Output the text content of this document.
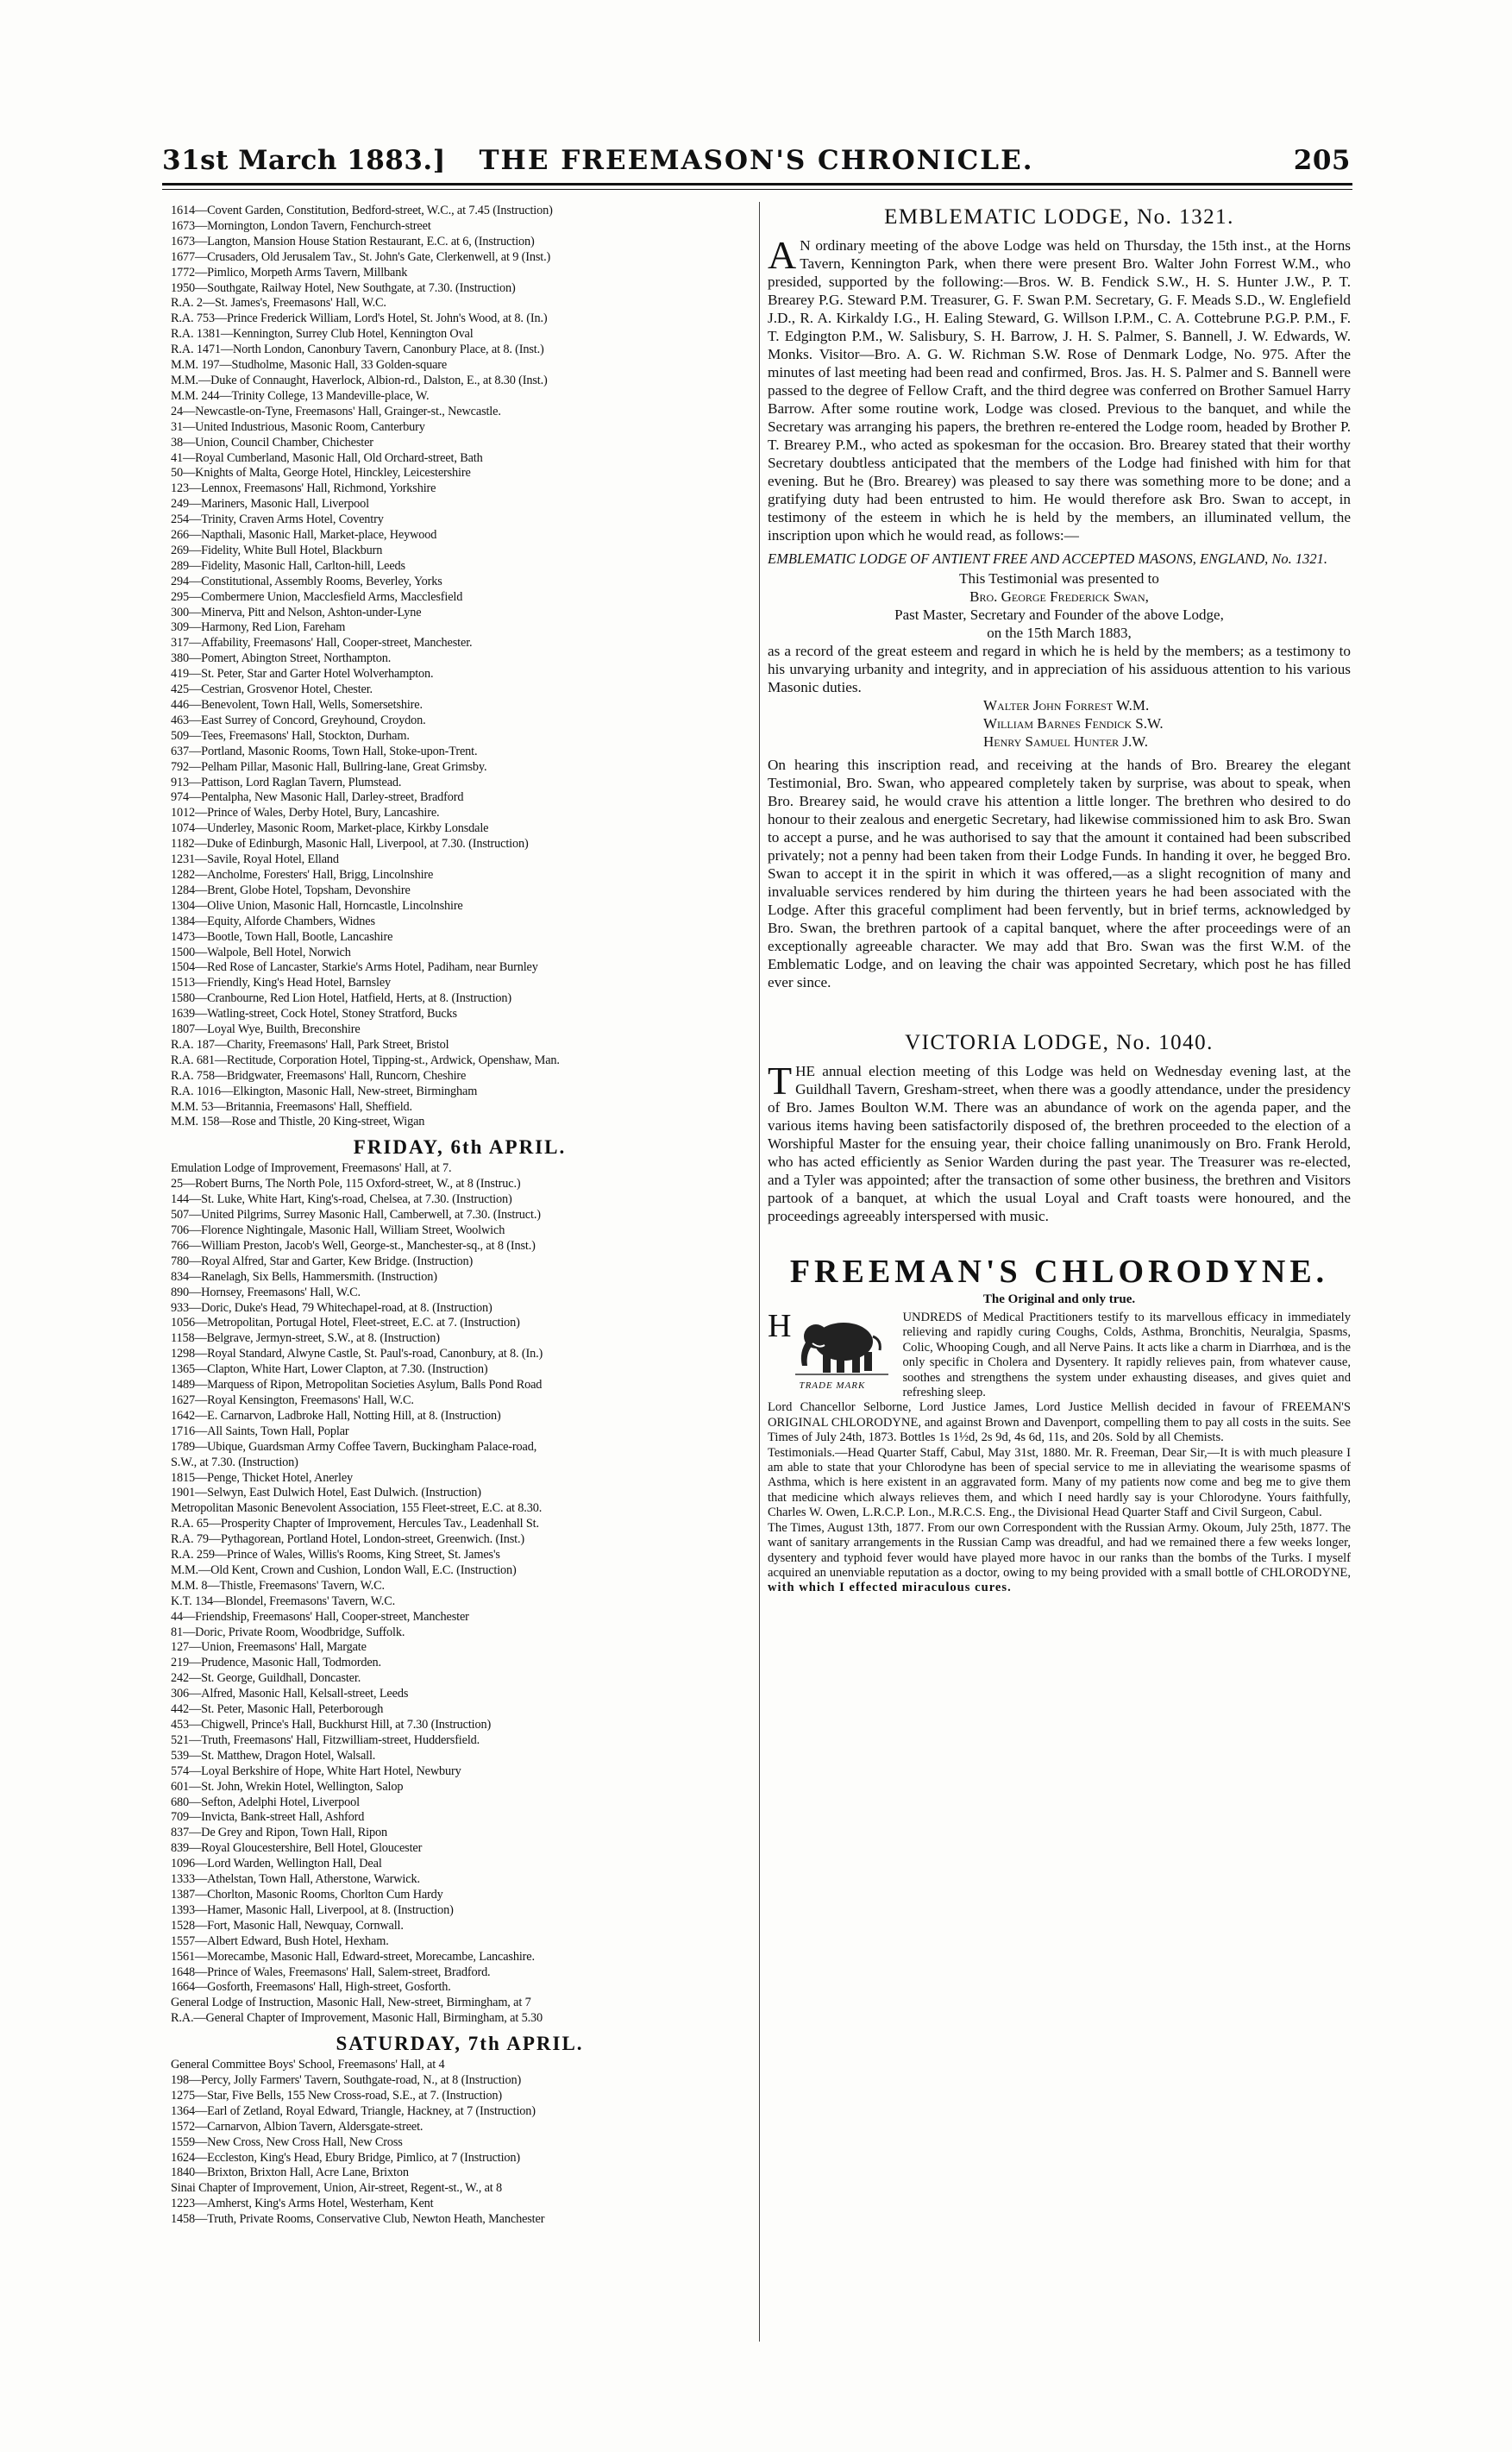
31st March 1883.]	THE FREEMASON'S CHRONICLE.	205
1614—Covent Garden, Constitution, Bedford-street, W.C., at 7.45 (Instruction)
1673—Mornington, London Tavern, Fenchurch-street
1673—Langton, Mansion House Station Restaurant, E.C. at 6, (Instruction)
1677—Crusaders, Old Jerusalem Tav., St. John's Gate, Clerkenwell, at 9 (Inst.)
1772—Pimlico, Morpeth Arms Tavern, Millbank
1950—Southgate, Railway Hotel, New Southgate, at 7.30. (Instruction)
R.A. 2—St. James's, Freemasons' Hall, W.C.
R.A. 753—Prince Frederick William, Lord's Hotel, St. John's Wood, at 8. (In.)
R.A. 1381—Kennington, Surrey Club Hotel, Kennington Oval
R.A. 1471—North London, Canonbury Tavern, Canonbury Place, at 8. (Inst.)
M.M. 197—Studholme, Masonic Hall, 33 Golden-square
M.M.—Duke of Connaught, Haverlock, Albion-rd., Dalston, E., at 8.30 (Inst.)
M.M. 244—Trinity College, 13 Mandeville-place, W.
24—Newcastle-on-Tyne, Freemasons' Hall, Grainger-st., Newcastle.
31—United Industrious, Masonic Room, Canterbury
38—Union, Council Chamber, Chichester
41—Royal Cumberland, Masonic Hall, Old Orchard-street, Bath
50—Knights of Malta, George Hotel, Hinckley, Leicestershire
123—Lennox, Freemasons' Hall, Richmond, Yorkshire
249—Mariners, Masonic Hall, Liverpool
254—Trinity, Craven Arms Hotel, Coventry
266—Napthali, Masonic Hall, Market-place, Heywood
269—Fidelity, White Bull Hotel, Blackburn
289—Fidelity, Masonic Hall, Carlton-hill, Leeds
294—Constitutional, Assembly Rooms, Beverley, Yorks
295—Combermere Union, Macclesfield Arms, Macclesfield
300—Minerva, Pitt and Nelson, Ashton-under-Lyne
309—Harmony, Red Lion, Fareham
317—Affability, Freemasons' Hall, Cooper-street, Manchester.
380—Pomert, Abington Street, Northampton.
419—St. Peter, Star and Garter Hotel Wolverhampton.
425—Cestrian, Grosvenor Hotel, Chester.
446—Benevolent, Town Hall, Wells, Somersetshire.
463—East Surrey of Concord, Greyhound, Croydon.
509—Tees, Freemasons' Hall, Stockton, Durham.
637—Portland, Masonic Rooms, Town Hall, Stoke-upon-Trent.
792—Pelham Pillar, Masonic Hall, Bullring-lane, Great Grimsby.
913—Pattison, Lord Raglan Tavern, Plumstead.
974—Pentalpha, New Masonic Hall, Darley-street, Bradford
1012—Prince of Wales, Derby Hotel, Bury, Lancashire.
1074—Underley, Masonic Room, Market-place, Kirkby Lonsdale
1182—Duke of Edinburgh, Masonic Hall, Liverpool, at 7.30. (Instruction)
1231—Savile, Royal Hotel, Elland
1282—Ancholme, Foresters' Hall, Brigg, Lincolnshire
1284—Brent, Globe Hotel, Topsham, Devonshire
1304—Olive Union, Masonic Hall, Horncastle, Lincolnshire
1384—Equity, Alforde Chambers, Widnes
1473—Bootle, Town Hall, Bootle, Lancashire
1500—Walpole, Bell Hotel, Norwich
1504—Red Rose of Lancaster, Starkie's Arms Hotel, Padiham, near Burnley
1513—Friendly, King's Head Hotel, Barnsley
1580—Cranbourne, Red Lion Hotel, Hatfield, Herts, at 8. (Instruction)
1639—Watling-street, Cock Hotel, Stoney Stratford, Bucks
1807—Loyal Wye, Builth, Breconshire
R.A. 187—Charity, Freemasons' Hall, Park Street, Bristol
R.A. 681—Rectitude, Corporation Hotel, Tipping-st., Ardwick, Openshaw, Man.
R.A. 758—Bridgwater, Freemasons' Hall, Runcorn, Cheshire
R.A. 1016—Elkington, Masonic Hall, New-street, Birmingham
M.M. 53—Britannia, Freemasons' Hall, Sheffield.
M.M. 158—Rose and Thistle, 20 King-street, Wigan
FRIDAY, 6th APRIL.
Emulation Lodge of Improvement, Freemasons' Hall, at 7.
25—Robert Burns, The North Pole, 115 Oxford-street, W., at 8 (Instruc.)
144—St. Luke, White Hart, King's-road, Chelsea, at 7.30. (Instruction)
507—United Pilgrims, Surrey Masonic Hall, Camberwell, at 7.30. (Instruct.)
706—Florence Nightingale, Masonic Hall, William Street, Woolwich
766—William Preston, Jacob's Well, George-st., Manchester-sq., at 8 (Inst.)
780—Royal Alfred, Star and Garter, Kew Bridge. (Instruction)
834—Ranelagh, Six Bells, Hammersmith. (Instruction)
890—Hornsey, Freemasons' Hall, W.C.
933—Doric, Duke's Head, 79 Whitechapel-road, at 8. (Instruction)
1056—Metropolitan, Portugal Hotel, Fleet-street, E.C. at 7. (Instruction)
1158—Belgrave, Jermyn-street, S.W., at 8. (Instruction)
1298—Royal Standard, Alwyne Castle, St. Paul's-road, Canonbury, at 8. (In.)
1365—Clapton, White Hart, Lower Clapton, at 7.30. (Instruction)
1489—Marquess of Ripon, Metropolitan Societies Asylum, Balls Pond Road
1627—Royal Kensington, Freemasons' Hall, W.C.
1642—E. Carnarvon, Ladbroke Hall, Notting Hill, at 8. (Instruction)
1716—All Saints, Town Hall, Poplar
1789—Ubique, Guardsman Army Coffee Tavern, Buckingham Palace-road,
S.W., at 7.30. (Instruction)
1815—Penge, Thicket Hotel, Anerley
1901—Selwyn, East Dulwich Hotel, East Dulwich. (Instruction)
Metropolitan Masonic Benevolent Association, 155 Fleet-street, E.C. at 8.30.
R.A. 65—Prosperity Chapter of Improvement, Hercules Tav., Leadenhall St.
R.A. 79—Pythagorean, Portland Hotel, London-street, Greenwich. (Inst.)
R.A. 259—Prince of Wales, Willis's Rooms, King Street, St. James's
M.M.—Old Kent, Crown and Cushion, London Wall, E.C. (Instruction)
M.M. 8—Thistle, Freemasons' Tavern, W.C.
K.T. 134—Blondel, Freemasons' Tavern, W.C.
44—Friendship, Freemasons' Hall, Cooper-street, Manchester
81—Doric, Private Room, Woodbridge, Suffolk.
127—Union, Freemasons' Hall, Margate
219—Prudence, Masonic Hall, Todmorden.
242—St. George, Guildhall, Doncaster.
306—Alfred, Masonic Hall, Kelsall-street, Leeds
442—St. Peter, Masonic Hall, Peterborough
453—Chigwell, Prince's Hall, Buckhurst Hill, at 7.30 (Instruction)
521—Truth, Freemasons' Hall, Fitzwilliam-street, Huddersfield.
539—St. Matthew, Dragon Hotel, Walsall.
574—Loyal Berkshire of Hope, White Hart Hotel, Newbury
601—St. John, Wrekin Hotel, Wellington, Salop
680—Sefton, Adelphi Hotel, Liverpool
709—Invicta, Bank-street Hall, Ashford
837—De Grey and Ripon, Town Hall, Ripon
839—Royal Gloucestershire, Bell Hotel, Gloucester
1096—Lord Warden, Wellington Hall, Deal
1333—Athelstan, Town Hall, Atherstone, Warwick.
1387—Chorlton, Masonic Rooms, Chorlton Cum Hardy
1393—Hamer, Masonic Hall, Liverpool, at 8. (Instruction)
1528—Fort, Masonic Hall, Newquay, Cornwall.
1557—Albert Edward, Bush Hotel, Hexham.
1561—Morecambe, Masonic Hall, Edward-street, Morecambe, Lancashire.
1648—Prince of Wales, Freemasons' Hall, Salem-street, Bradford.
1664—Gosforth, Freemasons' Hall, High-street, Gosforth.
General Lodge of Instruction, Masonic Hall, New-street, Birmingham, at 7
R.A.—General Chapter of Improvement, Masonic Hall, Birmingham, at 5.30
SATURDAY, 7th APRIL.
General Committee Boys' School, Freemasons' Hall, at 4
198—Percy, Jolly Farmers' Tavern, Southgate-road, N., at 8 (Instruction)
1275—Star, Five Bells, 155 New Cross-road, S.E., at 7. (Instruction)
1364—Earl of Zetland, Royal Edward, Triangle, Hackney, at 7 (Instruction)
1572—Carnarvon, Albion Tavern, Aldersgate-street.
1559—New Cross, New Cross Hall, New Cross
1624—Eccleston, King's Head, Ebury Bridge, Pimlico, at 7 (Instruction)
1840—Brixton, Brixton Hall, Acre Lane, Brixton
Sinai Chapter of Improvement, Union, Air-street, Regent-st., W., at 8
1223—Amherst, King's Arms Hotel, Westerham, Kent
1458—Truth, Private Rooms, Conservative Club, Newton Heath, Manchester
EMBLEMATIC LODGE, No. 1321.

A N ordinary meeting of the above Lodge was held on Thursday, the 15th inst., at the Horns Tavern, Kennington Park, when there were present Bro. Walter John Forrest W.M., who presided, supported by the following:—Bros. W. B. Fendick S.W., H. S. Hunter J.W., P. T. Brearey P.G. Steward P.M. Treasurer, G. F. Swan P.M. Secretary, G. F. Meads S.D., W. Englefield J.D., R. A. Kirkaldy I.G., H. Ealing Steward, G. Willson I.P.M., C. A. Cottebrune P.G.P. P.M., F. T. Edgington P.M., W. Salisbury, S. H. Barrow, J. H. S. Palmer, S. Bannell, J. W. Edwards, W. Monks. Visitor—Bro. A. G. W. Richman S.W. Rose of Denmark Lodge, No. 975. After the minutes of last meeting had been read and confirmed, Bros. Jas. H. S. Palmer and S. Bannell were passed to the degree of Fellow Craft, and the third degree was conferred on Brother Samuel Harry Barrow. After some routine work, Lodge was closed. Previous to the banquet, and while the Secretary was arranging his papers, the brethren re-entered the Lodge room, headed by Brother P. T. Brearey P.M., who acted as spokesman for the occasion. Bro. Brearey stated that their worthy Secretary doubtless anticipated that the members of the Lodge had finished with him for that evening. But he (Bro. Brearey) was pleased to say there was something more to be done; and a gratifying duty had been entrusted to him. He would therefore ask Bro. Swan to accept, in testimony of the esteem in which he is held by the members, an illuminated vellum, the inscription upon which he would read, as follows:—

EMBLEMATIC LODGE OF ANTIENT FREE AND ACCEPTED MASONS, ENGLAND, No. 1321.
This Testimonial was presented to
Bro. George Frederick Swan,
Past Master, Secretary and Founder of the above Lodge,
on the 15th March 1883,

as a record of the great esteem and regard in which he is held by the members; as a testimony to his unvarying urbanity and integrity, and in appreciation of his assiduous attention to his various Masonic duties.

Walter John Forrest W.M.
William Barnes Fendick S.W.
Henry Samuel Hunter J.W.

On hearing this inscription read, and receiving at the hands of Bro. Brearey the elegant Testimonial, Bro. Swan, who appeared completely taken by surprise, was about to speak, when Bro. Brearey said, he would crave his attention a little longer. The brethren who desired to do honour to their zealous and energetic Secretary, had likewise commissioned him to ask Bro. Swan to accept a purse, and he was authorised to say that the amount it contained had been subscribed privately; not a penny had been taken from their Lodge Funds. In handing it over, he begged Bro. Swan to accept it in the spirit in which it was offered,—as a slight recognition of many and invaluable services rendered by him during the thirteen years he had been associated with the Lodge. After this graceful compliment had been fervently, but in brief terms, acknowledged by Bro. Swan, the brethren partook of a capital banquet, where the after proceedings were of an exceptionally agreeable character. We may add that Bro. Swan was the first W.M. of the Emblematic Lodge, and on leaving the chair was appointed Secretary, which post he has filled ever since.

VICTORIA LODGE, No. 1040.

THE annual election meeting of this Lodge was held on Wednesday evening last, at the Guildhall Tavern, Gresham-street, when there was a goodly attendance, under the presidency of Bro. James Boulton W.M. There was an abundance of work on the agenda paper, and the various items having been satisfactorily disposed of, the brethren proceeded to the election of a Worshipful Master for the ensuing year, their choice falling unanimously on Bro. Frank Herold, who has acted efficiently as Senior Warden during the past year. The Treasurer was re-elected, and a Tyler was appointed; after the transaction of some other business, the brethren and Visitors partook of a banquet, at which the usual Loyal and Craft toasts were honoured, and the proceedings agreeably interspersed with music.

FREEMAN'S CHLORODYNE.
The Original and only true.

H
TRADE MARK
UNDREDS of Medical Practitioners testify to its marvellous efficacy in immediately relieving and rapidly curing Coughs, Colds, Asthma, Bronchitis, Neuralgia, Spasms, Colic, Whooping Cough, and all Nerve Pains. It acts like a charm in Diarrhœa, and is the only specific in Cholera and Dysentery. It rapidly relieves pain, from whatever cause, soothes and strengthens the system under exhausting diseases, and gives quiet and refreshing sleep.

Lord Chancellor Selborne, Lord Justice James, Lord Justice Mellish decided in favour of FREEMAN'S ORIGINAL CHLORODYNE, and against Brown and Davenport, compelling them to pay all costs in the suits. See Times of July 24th, 1873. Bottles 1s 1½d, 2s 9d, 4s 6d, 11s, and 20s. Sold by all Chemists.

Testimonials.—Head Quarter Staff, Cabul, May 31st, 1880. Mr. R. Freeman, Dear Sir,—It is with much pleasure I am able to state that your Chlorodyne has been of special service to me in alleviating the wearisome spasms of Asthma, which is here existent in an aggravated form. Many of my patients now come and beg me to give them that medicine which always relieves them, and which I need hardly say is your Chlorodyne. Yours faithfully, Charles W. Owen, L.R.C.P. Lon., M.R.C.S. Eng., the Divisional Head Quarter Staff and Civil Surgeon, Cabul.

The Times, August 13th, 1877. From our own Correspondent with the Russian Army. Okoum, July 25th, 1877. The want of sanitary arrangements in the Russian Camp was dreadful, and had we remained there a few weeks longer, dysentery and typhoid fever would have played more havoc in our ranks than the bombs of the Turks. I myself acquired an unenviable reputation as a doctor, owing to my being provided with a small bottle of CHLORODYNE, with which I effected miraculous cures.
